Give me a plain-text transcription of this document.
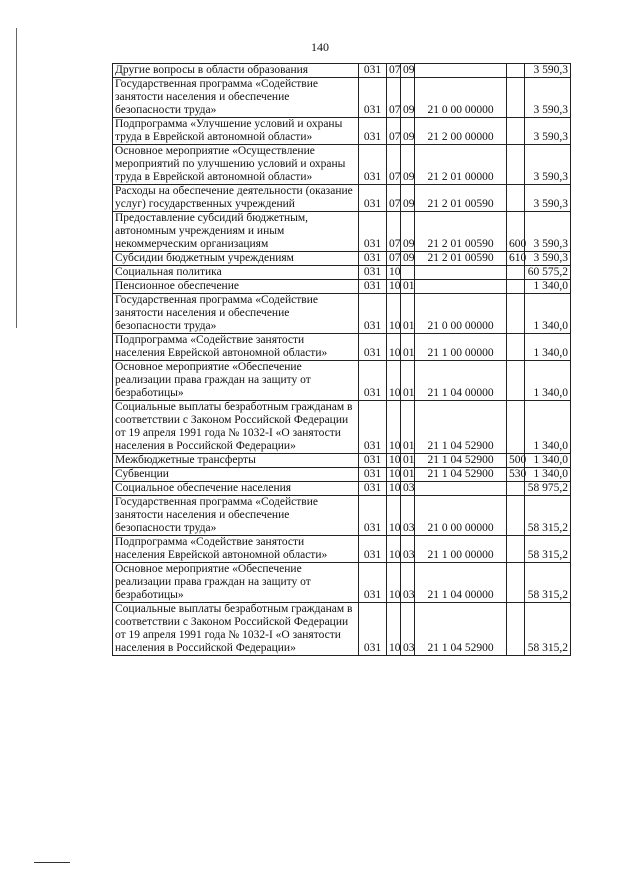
140
Другие вопросы в области образования	031	07	09			3 590,3
Государственная программа «Содействие занятости населения и обеспечение безопасности труда»	031	07	09	21 0 00 00000		3 590,3
Подпрограмма «Улучшение условий и охраны труда в Еврейской автономной области»	031	07	09	21 2 00 00000		3 590,3
Основное мероприятие «Осуществление мероприятий по улучшению условий и охраны труда в Еврейской автономной области»	031	07	09	21 2 01 00000		3 590,3
Расходы на обеспечение деятельности (оказание услуг) государственных учреждений	031	07	09	21 2 01 00590		3 590,3
Предоставление субсидий бюджетным, автономным учреждениям и иным некоммерческим организациям	031	07	09	21 2 01 00590	600	3 590,3
Субсидии бюджетным учреждениям	031	07	09	21 2 01 00590	610	3 590,3
Социальная политика	031	10				60 575,2
Пенсионное обеспечение	031	10	01			1 340,0
Государственная программа «Содействие занятости населения и обеспечение безопасности труда»	031	10	01	21 0 00 00000		1 340,0
Подпрограмма «Содействие занятости населения Еврейской автономной области»	031	10	01	21 1 00 00000		1 340,0
Основное мероприятие «Обеспечение реализации права граждан на защиту от безработицы»	031	10	01	21 1 04 00000		1 340,0
Социальные выплаты безработным гражданам в соответствии с Законом Российской Федерации от 19 апреля 1991 года № 1032-I «О занятости населения в Российской Федерации»	031	10	01	21 1 04 52900		1 340,0
Межбюджетные трансферты	031	10	01	21 1 04 52900	500	1 340,0
Субвенции	031	10	01	21 1 04 52900	530	1 340,0
Социальное обеспечение населения	031	10	03			58 975,2
Государственная программа «Содействие занятости населения и обеспечение безопасности труда»	031	10	03	21 0 00 00000		58 315,2
Подпрограмма «Содействие занятости населения Еврейской автономной области»	031	10	03	21 1 00 00000		58 315,2
Основное мероприятие «Обеспечение реализации права граждан на защиту от безработицы»	031	10	03	21 1 04 00000		58 315,2
Социальные выплаты безработным гражданам в соответствии с Законом Российской Федерации от 19 апреля 1991 года № 1032-I «О занятости населения в Российской Федерации»	031	10	03	21 1 04 52900		58 315,2
